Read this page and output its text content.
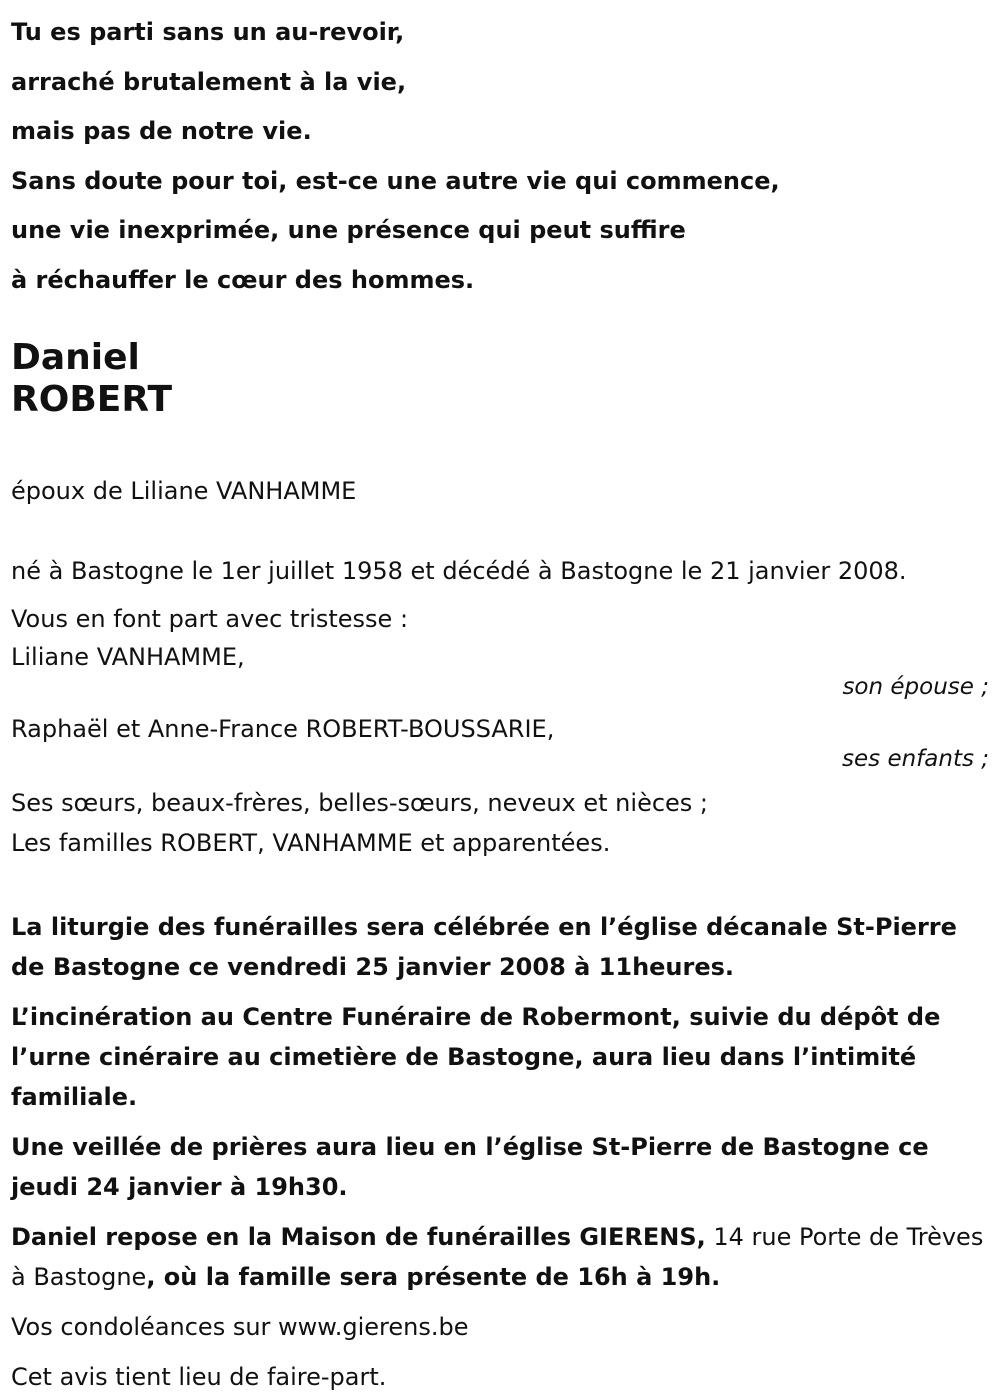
Tu es parti sans un au-revoir,
arraché brutalement à la vie,
mais pas de notre vie.
Sans doute pour toi, est-ce une autre vie qui commence,
une vie inexprimée, une présence qui peut suffire
à réchauffer le cœur des hommes.
Daniel
ROBERT
époux de Liliane VANHAMME
né à Bastogne le 1er juillet 1958 et décédé à Bastogne le 21 janvier 2008.
Vous en font part avec tristesse :
Liliane VANHAMME,
son épouse ;
Raphaël et Anne-France ROBERT-BOUSSARIE,
ses enfants ;
Ses sœurs, beaux-frères, belles-sœurs, neveux et nièces ;
Les familles ROBERT, VANHAMME et apparentées.
La liturgie des funérailles sera célébrée en l’église décanale St-Pierre de Bastogne ce vendredi 25 janvier 2008 à 11heures.
L’incinération au Centre Funéraire de Robermont, suivie du dépôt de l’urne cinéraire au cimetière de Bastogne, aura lieu dans l’intimité familiale.
Une veillée de prières aura lieu en l’église St-Pierre de Bastogne ce jeudi 24 janvier à 19h30.
Daniel repose en la Maison de funérailles GIERENS, 14 rue Porte de Trèves à Bastogne, où la famille sera présente de 16h à 19h.
Vos condoléances sur www.gierens.be
Cet avis tient lieu de faire-part.
